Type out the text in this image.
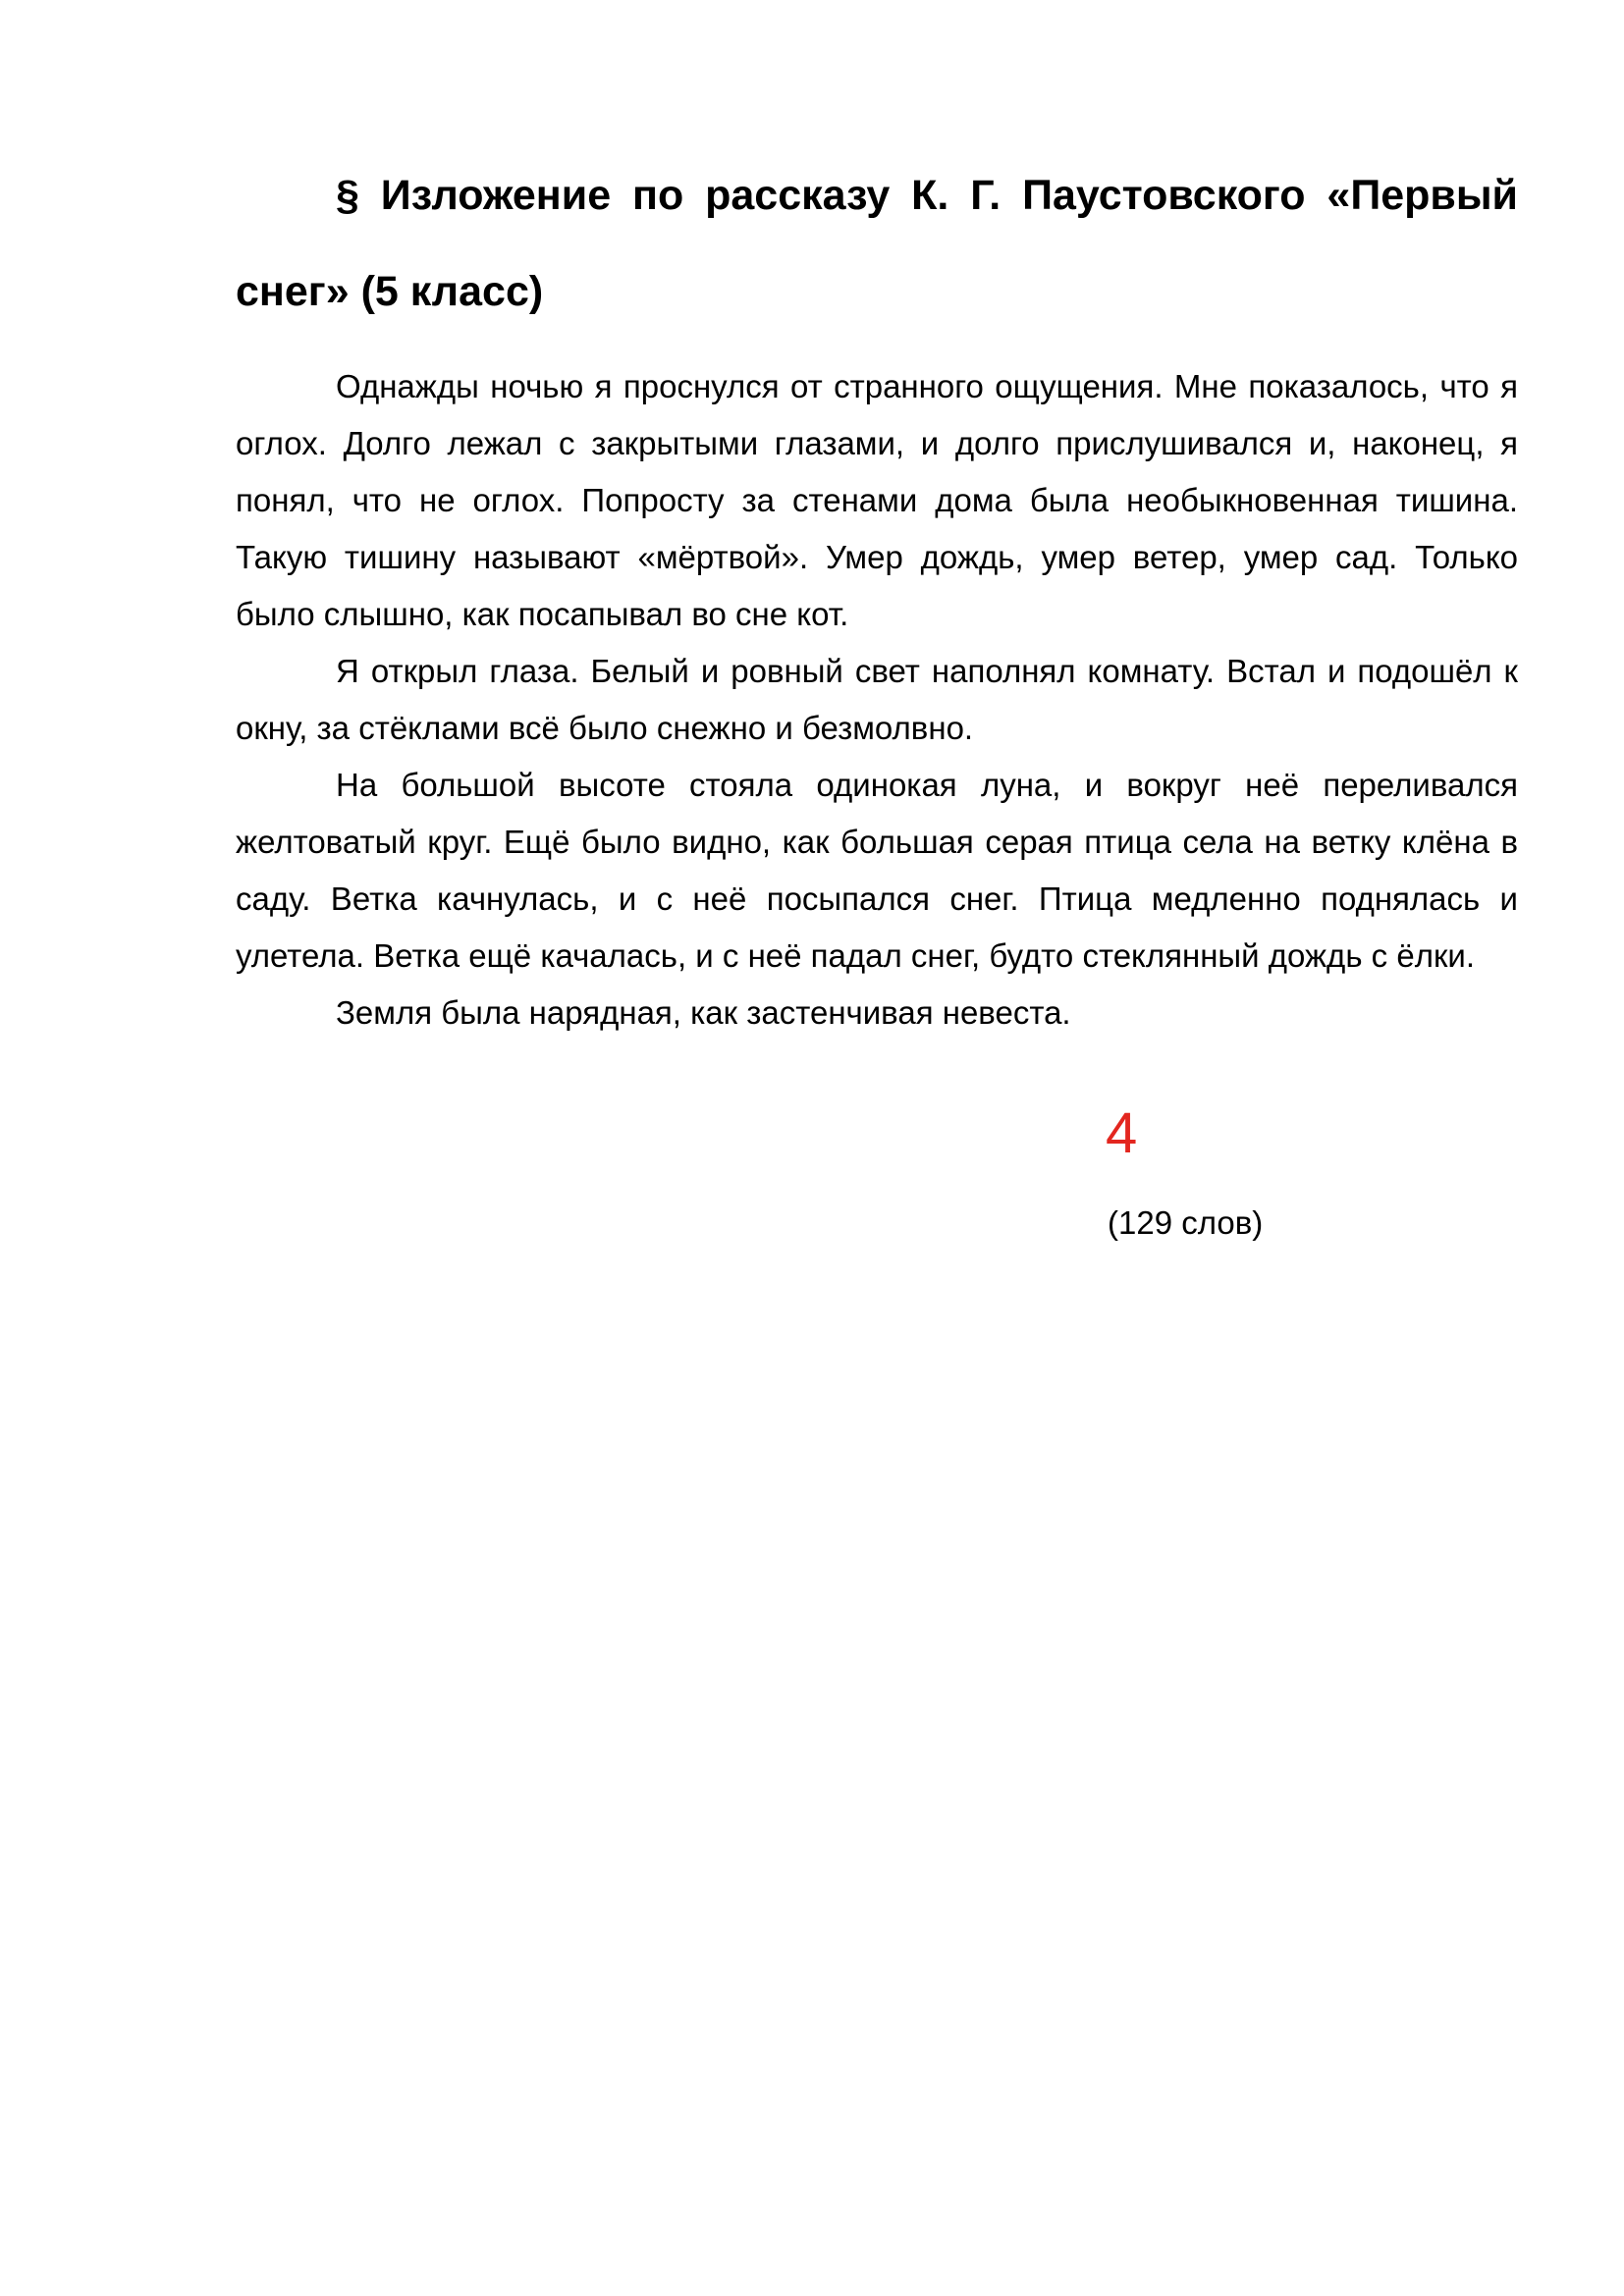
§ Изложение по рассказу К. Г. Паустовского «Первый снег» (5 класс)

Однажды ночью я проснулся от странного ощущения. Мне показалось, что я оглох. Долго лежал с закрытыми глазами, и долго прислушивался и, наконец, я понял, что не оглох. Попросту за стенами дома была необыкновенная тишина. Такую тишину называют «мёртвой». Умер дождь, умер ветер, умер сад. Только было слышно, как посапывал во сне кот.

Я открыл глаза. Белый и ровный свет наполнял комнату. Встал и подошёл к окну, за стёклами всё было снежно и безмолвно.

На большой высоте стояла одинокая луна, и вокруг неё переливался желтоватый круг. Ещё было видно, как большая серая птица села на ветку клёна в саду. Ветка качнулась, и с неё посыпался снег. Птица медленно поднялась и улетела. Ветка ещё качалась, и с неё падал снег, будто стеклянный дождь с ёлки.

Земля была нарядная, как застенчивая невеста.

4

(129 слов)
